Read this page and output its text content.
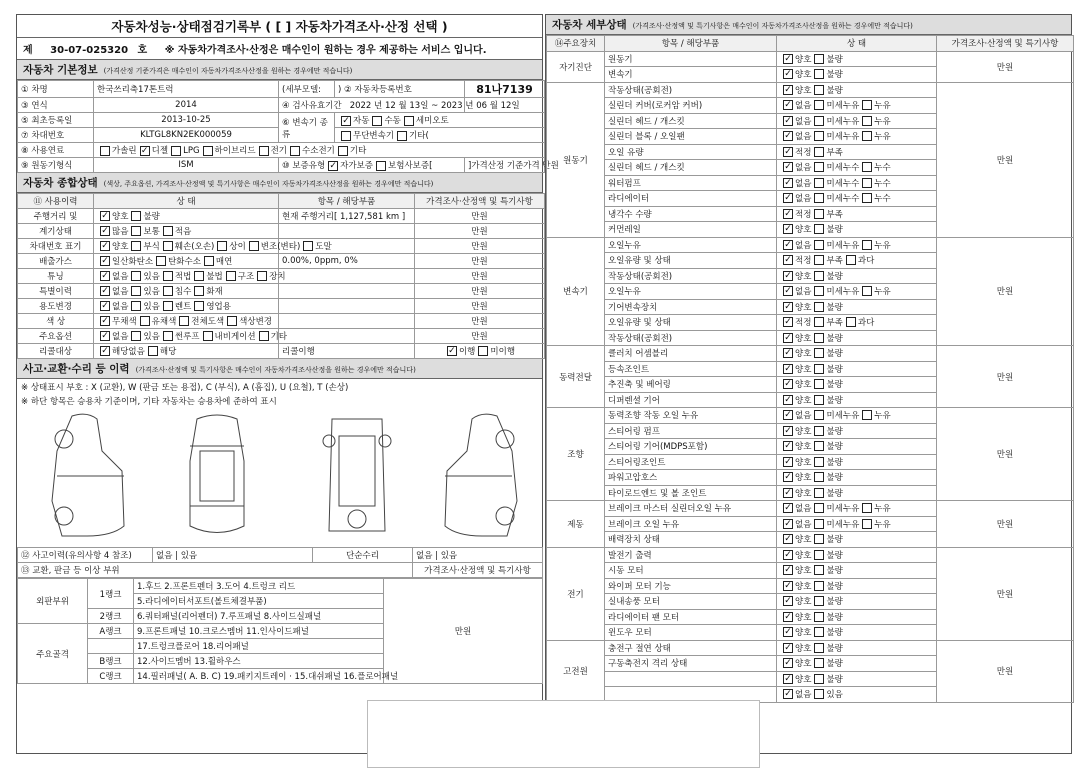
자동차성능·상태점검기록부 ( [ ] 자동차가격조사·산정 선택 )
제 30-07-025320 호 ※ 자동차가격조사·산정은 매수인이 원하는 경우 제공하는 서비스 입니다.
자동차 기본정보 (가격산정 기준가격은 매수인이 자동차가격조사산정을 원하는 경우에만 적습니다)
① 차명	한국쓰리축17톤트럭	(세부모델:	) ② 자동차등록번호	81나7139
③ 연식	2014	④ 검사유효기간 2022 년 12 월 13일 ~ 2023 년 06 월 12일		
⑤ 최초등록일	2013-10-25	⑥ 변속기 종류	✓ 자동 수동 세미오토	
⑦ 차대번호	KLTGL8KN2EK000059		무단변속기 기타(	
⑧ 사용연료	가솔린 ✓ 디젤 LPG 하이브리드 전기 수소전기 기타			
⑨ 원동기형식	ISM	⑩ 보증유형 ✓ 자가보증 보험사보증[		]가격산정 기준가격 만원
자동차 종합상태 (색상, 주요옵션, 가격조사·산정액 및 특기사항은 매수인이 자동차가격조사산정을 원하는 경우에만 적습니다)
⑪ 사용이력	상 태	항목 / 해당부품	가격조사·산정액 및 특기사항
주행거리 및	✓ 양호 불량	현재 주행거리[ 1,127,581 km ]	만원
계기상태	✓ 많음 보통 적음		만원
차대번호 표기	✓ 양호 부식 훼손(오손) 상이 변조(변타) 도말		만원
배출가스	✓ 일산화탄소 탄화수소 매연	0.00%, 0ppm, 0%	만원
튜닝	✓ 없음 있음 적법 불법 구조 장치		만원
특별이력	✓ 없음 있음 침수 화재		만원
용도변경	✓ 없음 있음 렌트 영업용		만원
색 상	✓ 무채색 유채색 전체도색 색상변경		만원
주요옵션	✓ 없음 있음 썬루프 내비게이션 기타		만원
리콜대상	✓ 해당없음 해당	리콜이행	✓ 이행 미이행
사고·교환·수리 등 이력 (가격조사·산정액 및 특기사항은 매수인이 자동차가격조사산정을 원하는 경우에만 적습니다)
※ 상태표시 부호 : X (교환), W (판금 또는 용접), C (부식), A (흠집), U (요철), T (손상)
※ 하단 항목은 승용차 기준이며, 기타 자동차는 승용차에 준하여 표시
⑫ 사고이력(유의사항 4 참조)	없음 | 있음	단순수리	없음 | 있음
⑬ 교환, 판금 등 이상 부위			가격조사·산정액 및 특기사항
외판부위	1랭크	1.후드 2.프론트펜더 3.도어 4.트렁크 리드	만원
		5.라디에이터서포트(볼트체결부품)	
	2랭크	6.쿼터패널(리어펜더) 7.루프패널 8.사이드실패널	
주요골격	A랭크	9.프론트패널 10.크로스멤버 11.인사이드패널	
		17.트렁크플로어 18.리어패널	
	B랭크	12.사이드멤버 13.휠하우스	
	C랭크	14.필러패널( A. B. C) 19.패키지트레이 · 15.대쉬패널 16.플로어패널	
자동차 세부상태 (가격조사·산정액 및 특기사항은 매수인이 자동차가격조사산정을 원하는 경우에만 적습니다)
⑭주요장치	항목 / 해당부품	상 태	가격조사·산정액 및 특기사항
자기진단	원동기	✓ 양호 불량	만원
	변속기	✓ 양호 불량	
원동기	작동상태(공회전)	✓ 양호 불량	만원
	실린더 커버(로커암 커버)	✓ 없음 미세누유 누유	
	실린더 헤드 / 개스킷	✓ 없음 미세누유 누유	
	실린더 블록 / 오일팬	✓ 없음 미세누유 누유	
	오일 유량	✓ 적정 부족	
	실린더 헤드 / 개스킷	✓ 없음 미세누수 누수	
	워터펌프	✓ 없음 미세누수 누수	
	라디에이터	✓ 없음 미세누수 누수	
	냉각수 수량	✓ 적정 부족	
	커먼레일	✓ 양호 불량	
변속기	오일누유	✓ 없음 미세누유 누유	만원
	오일유량 및 상태	✓ 적정 부족 과다	
	작동상태(공회전)	✓ 양호 불량	
	오일누유	✓ 없음 미세누유 누유	
	기어변속장치	✓ 양호 불량	
	오일유량 및 상태	✓ 적정 부족 과다	
	작동상태(공회전)	✓ 양호 불량	
동력전달	클러치 어셈블리	✓ 양호 불량	만원
	등속조인트	✓ 양호 불량	
	추진축 및 베어링	✓ 양호 불량	
	디퍼렌셜 기어	✓ 양호 불량	
조향	동력조향 작동 오일 누유	✓ 없음 미세누유 누유	만원
	스티어링 펌프	✓ 양호 불량	
	스티어링 기어(MDPS포함)	✓ 양호 불량	
	스티어링조인트	✓ 양호 불량	
	파워고압호스	✓ 양호 불량	
	타이로드엔드 및 볼 조인트	✓ 양호 불량	
제동	브레이크 마스터 실린더오일 누유	✓ 없음 미세누유 누유	만원
	브레이크 오일 누유	✓ 없음 미세누유 누유	
	배력장치 상태	✓ 양호 불량	
전기	발전기 출력	✓ 양호 불량	만원
	시동 모터	✓ 양호 불량	
	와이퍼 모터 기능	✓ 양호 불량	
	실내송풍 모터	✓ 양호 불량	
	라디에이터 팬 모터	✓ 양호 불량	
	윈도우 모터	✓ 양호 불량	
고전원	충전구 절연 상태	✓ 양호 불량	만원
	구동축전지 격리 상태	✓ 양호 불량	
		✓ 양호 불량	
		✓ 없음 있음	
